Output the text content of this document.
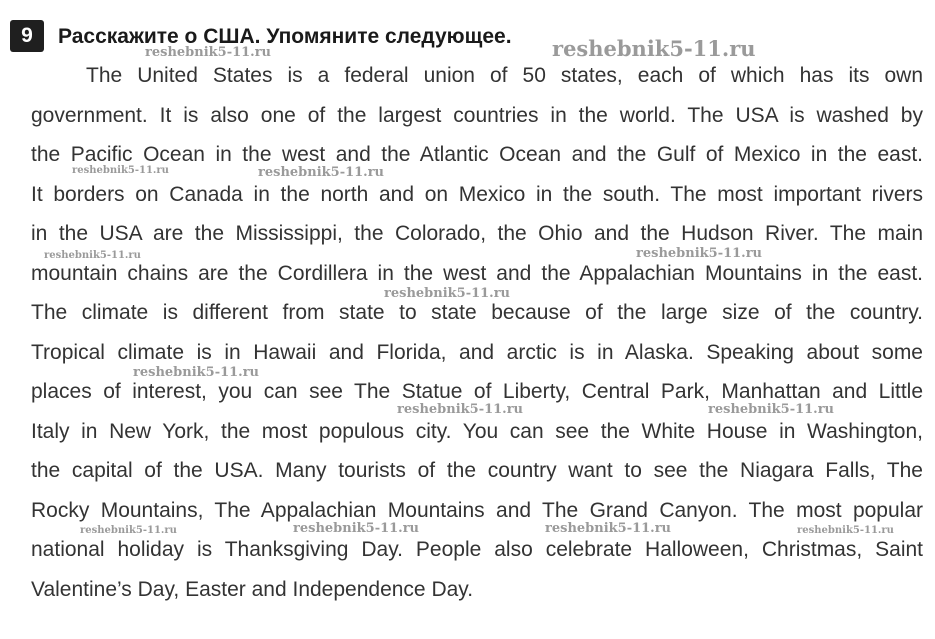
9	Расскажите о США. Упомяните следующее.
The United States is a federal union of 50 states, each of which has its own
government. It is also one of the largest countries in the world. The USA is washed by
the Pacific Ocean in the west and the Atlantic Ocean and the Gulf of Mexico in the east.
It borders on Canada in the north and on Mexico in the south. The most important rivers
in the USA are the Mississippi, the Colorado, the Ohio and the Hudson River. The main
mountain chains are the Cordillera in the west and the Appalachian Mountains in the east.
The climate is different from state to state because of the large size of the country.
Tropical climate is in Hawaii and Florida, and arctic is in Alaska. Speaking about some
places of interest, you can see The Statue of Liberty, Central Park, Manhattan and Little
Italy in New York, the most populous city. You can see the White House in Washington,
the capital of the USA. Many tourists of the country want to see the Niagara Falls, The
Rocky Mountains, The Appalachian Mountains and The Grand Canyon. The most popular
national holiday is Thanksgiving Day. People also celebrate Halloween, Christmas, Saint
Valentine’s Day, Easter and Independence Day.
reshebnik5-11.ru
reshebnik5-11.ru
reshebnik5-11.ru	reshebnik5-11.ru
reshebnik5-11.ru	reshebnik5-11.ru
reshebnik5-11.ru
reshebnik5-11.ru
reshebnik5-11.ru	reshebnik5-11.ru
reshebnik5-11.ru	reshebnik5-11.ru	reshebnik5-11.ru	reshebnik5-11.ru
